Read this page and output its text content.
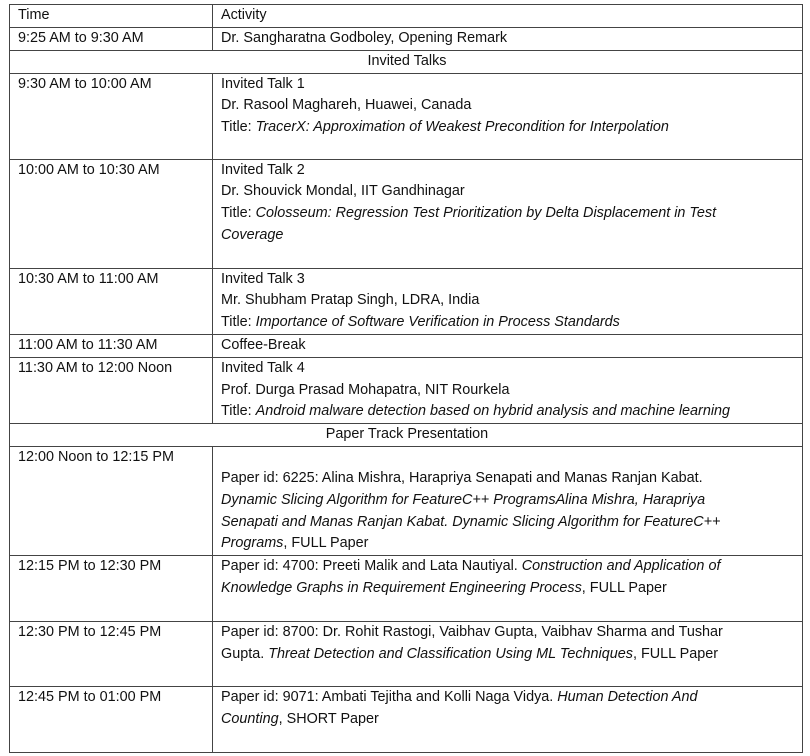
Time	Activity
9:25 AM to 9:30 AM	Dr. Sangharatna Godboley, Opening Remark
Invited Talks	
9:30 AM to 10:00 AM	Invited Talk 1
Dr. Rasool Maghareh, Huawei, Canada
Title: TracerX: Approximation of Weakest Precondition for Interpolation

10:00 AM to 10:30 AM	Invited Talk 2
Dr. Shouvick Mondal, IIT Gandhinagar
Title: Colosseum: Regression Test Prioritization by Delta Displacement in Test
Coverage

10:30 AM to 11:00 AM	Invited Talk 3
Mr. Shubham Pratap Singh, LDRA, India
Title: Importance of Software Verification in Process Standards

11:00 AM to 11:30 AM	Coffee-Break
11:30 AM to 12:00 Noon	Invited Talk 4
Prof. Durga Prasad Mohapatra, NIT Rourkela
Title: Android malware detection based on hybrid analysis and machine learning

Paper Track Presentation	
12:00 Noon to 12:15 PM	Paper id: 6225: Alina Mishra, Harapriya Senapati and Manas Ranjan Kabat.
Dynamic Slicing Algorithm for FeatureC++ ProgramsAlina Mishra, Harapriya
Senapati and Manas Ranjan Kabat. Dynamic Slicing Algorithm for FeatureC++
Programs, FULL Paper

12:15 PM to 12:30 PM	Paper id: 4700: Preeti Malik and Lata Nautiyal. Construction and Application of
Knowledge Graphs in Requirement Engineering Process, FULL Paper

12:30 PM to 12:45 PM	Paper id: 8700: Dr. Rohit Rastogi, Vaibhav Gupta, Vaibhav Sharma and Tushar
Gupta. Threat Detection and Classification Using ML Techniques, FULL Paper

12:45 PM to 01:00 PM	Paper id: 9071: Ambati Tejitha and Kolli Naga Vidya. Human Detection And
Counting, SHORT Paper
